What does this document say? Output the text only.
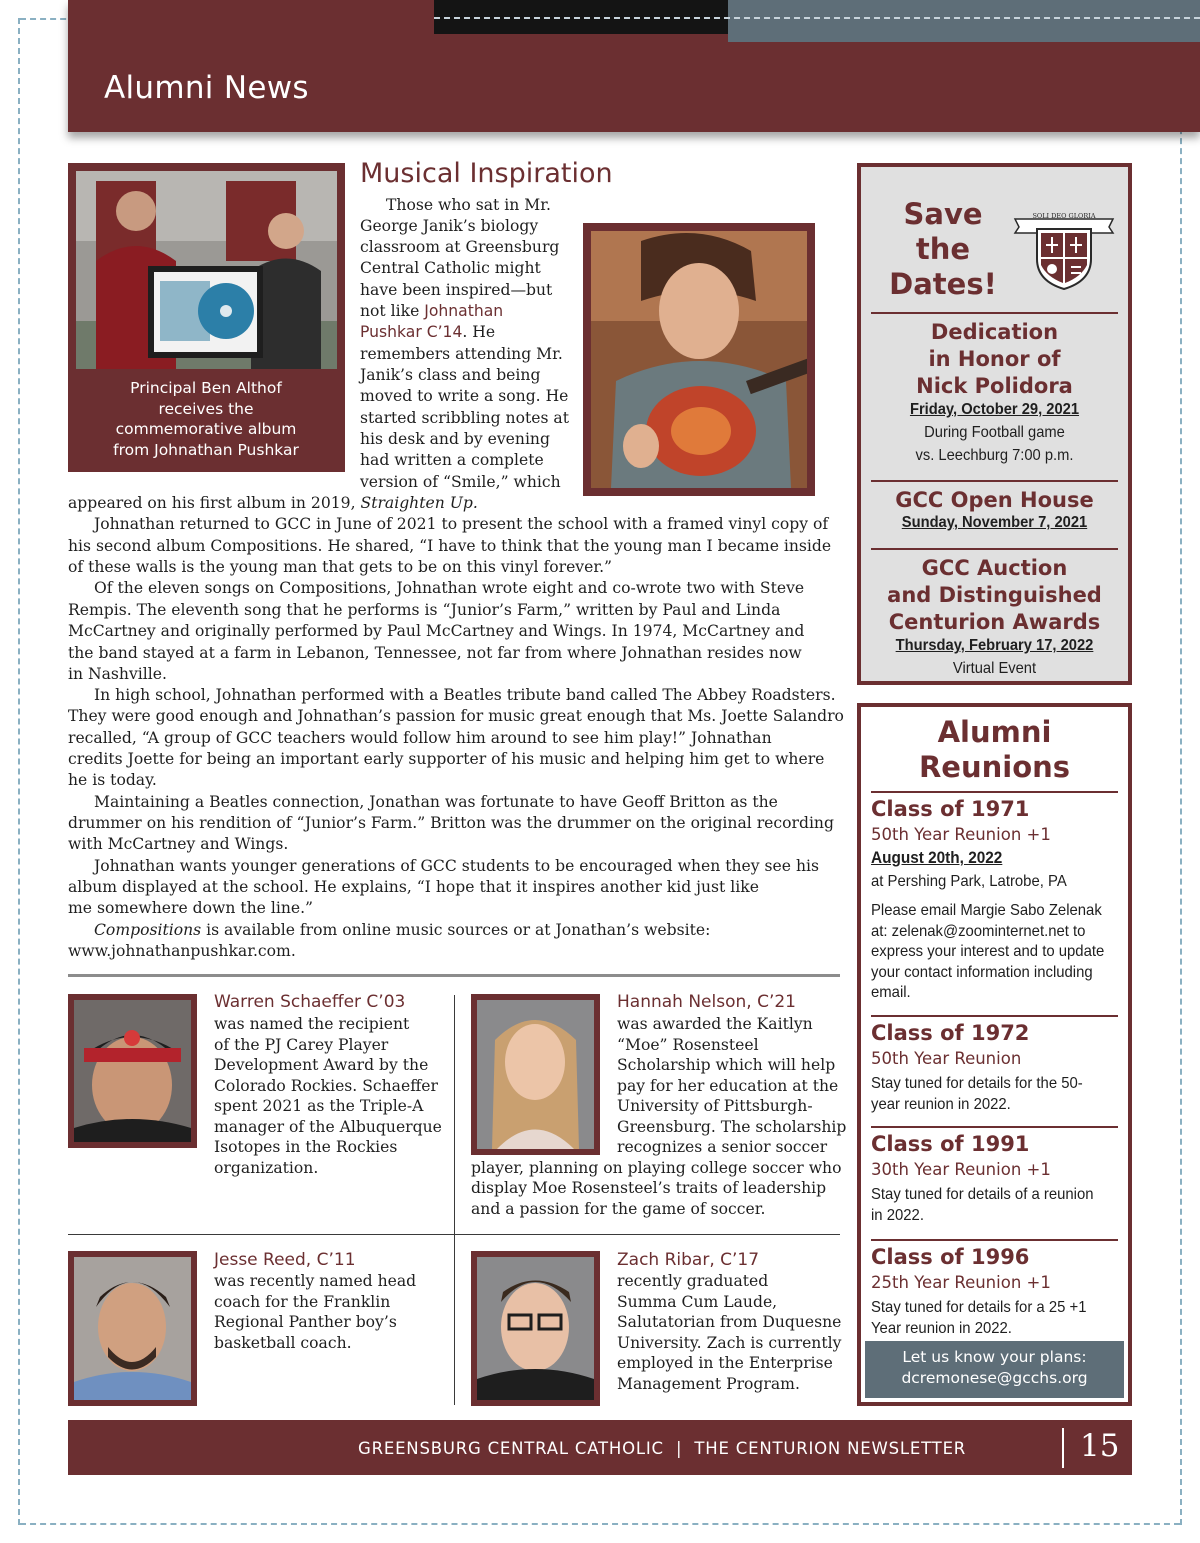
Alumni News
Principal Ben Althof
receives the
commemorative album
from Johnathan Pushkar
Musical Inspiration
Those who sat in Mr.
George Janik’s biology
classroom at Greensburg
Central Catholic might
have been inspired—but
not like Johnathan
Pushkar C’14. He
remembers attending Mr.
Janik’s class and being
moved to write a song. He
started scribbling notes at
his desk and by evening
had written a complete
version of “Smile,” which
appeared on his first album in 2019, Straighten Up.
Johnathan returned to GCC in June of 2021 to present the school with a framed vinyl copy of
his second album Compositions. He shared, “I have to think that the young man I became inside
of these walls is the young man that gets to be on this vinyl forever.”
Of the eleven songs on Compositions, Johnathan wrote eight and co-wrote two with Steve
Rempis. The eleventh song that he performs is “Junior’s Farm,” written by Paul and Linda
McCartney and originally performed by Paul McCartney and Wings. In 1974, McCartney and
the band stayed at a farm in Lebanon, Tennessee, not far from where Johnathan resides now
in Nashville.
In high school, Johnathan performed with a Beatles tribute band called The Abbey Roadsters.
They were good enough and Johnathan’s passion for music great enough that Ms. Joette Salandro
recalled, “A group of GCC teachers would follow him around to see him play!” Johnathan
credits Joette for being an important early supporter of his music and helping him get to where
he is today.
Maintaining a Beatles connection, Jonathan was fortunate to have Geoff Britton as the
drummer on his rendition of “Junior’s Farm.” Britton was the drummer on the original recording
with McCartney and Wings.
Johnathan wants younger generations of GCC students to be encouraged when they see his
album displayed at the school. He explains, “I hope that it inspires another kid just like
me somewhere down the line.”
Compositions is available from online music sources or at Jonathan’s website:
www.johnathanpushkar.com.
Warren Schaeffer C’03
was named the recipient
of the PJ Carey Player
Development Award by the
Colorado Rockies. Schaeffer
spent 2021 as the Triple-A
manager of the Albuquerque
Isotopes in the Rockies
organization.
Hannah Nelson, C’21
was awarded the Kaitlyn
“Moe” Rosensteel
Scholarship which will help
pay for her education at the
University of Pittsburgh-
Greensburg. The scholarship
recognizes a senior soccer
player, planning on playing college soccer who
display Moe Rosensteel’s traits of leadership
and a passion for the game of soccer.
Jesse Reed, C’11
was recently named head
coach for the Franklin
Regional Panther boy’s
basketball coach.
Zach Ribar, C’17
recently graduated
Summa Cum Laude,
Salutatorian from Duquesne
University. Zach is currently
employed in the Enterprise
Management Program.
Save
the
Dates!
SOLI DEO GLORIA
Dedication
in Honor of
Nick Polidora
Friday, October 29, 2021
During Football game
vs. Leechburg 7:00 p.m.
GCC Open House
Sunday, November 7, 2021
GCC Auction
and Distinguished
Centurion Awards
Thursday, February 17, 2022
Virtual Event
Alumni
Reunions
Class of 1971
50th Year Reunion +1
August 20th, 2022
at Pershing Park, Latrobe, PA
Please email Margie Sabo Zelenak
at: zelenak@zoominternet.net to
express your interest and to update
your contact information including
email.
Class of 1972
50th Year Reunion
Stay tuned for details for the 50-
year reunion in 2022.
Class of 1991
30th Year Reunion +1
Stay tuned for details of a reunion
in 2022.
Class of 1996
25th Year Reunion +1
Stay tuned for details for a 25 +1
Year reunion in 2022.
Let us know your plans:
dcremonese@gcchs.org
GREENSBURG CENTRAL CATHOLIC  |  THE CENTURION NEWSLETTER	15
